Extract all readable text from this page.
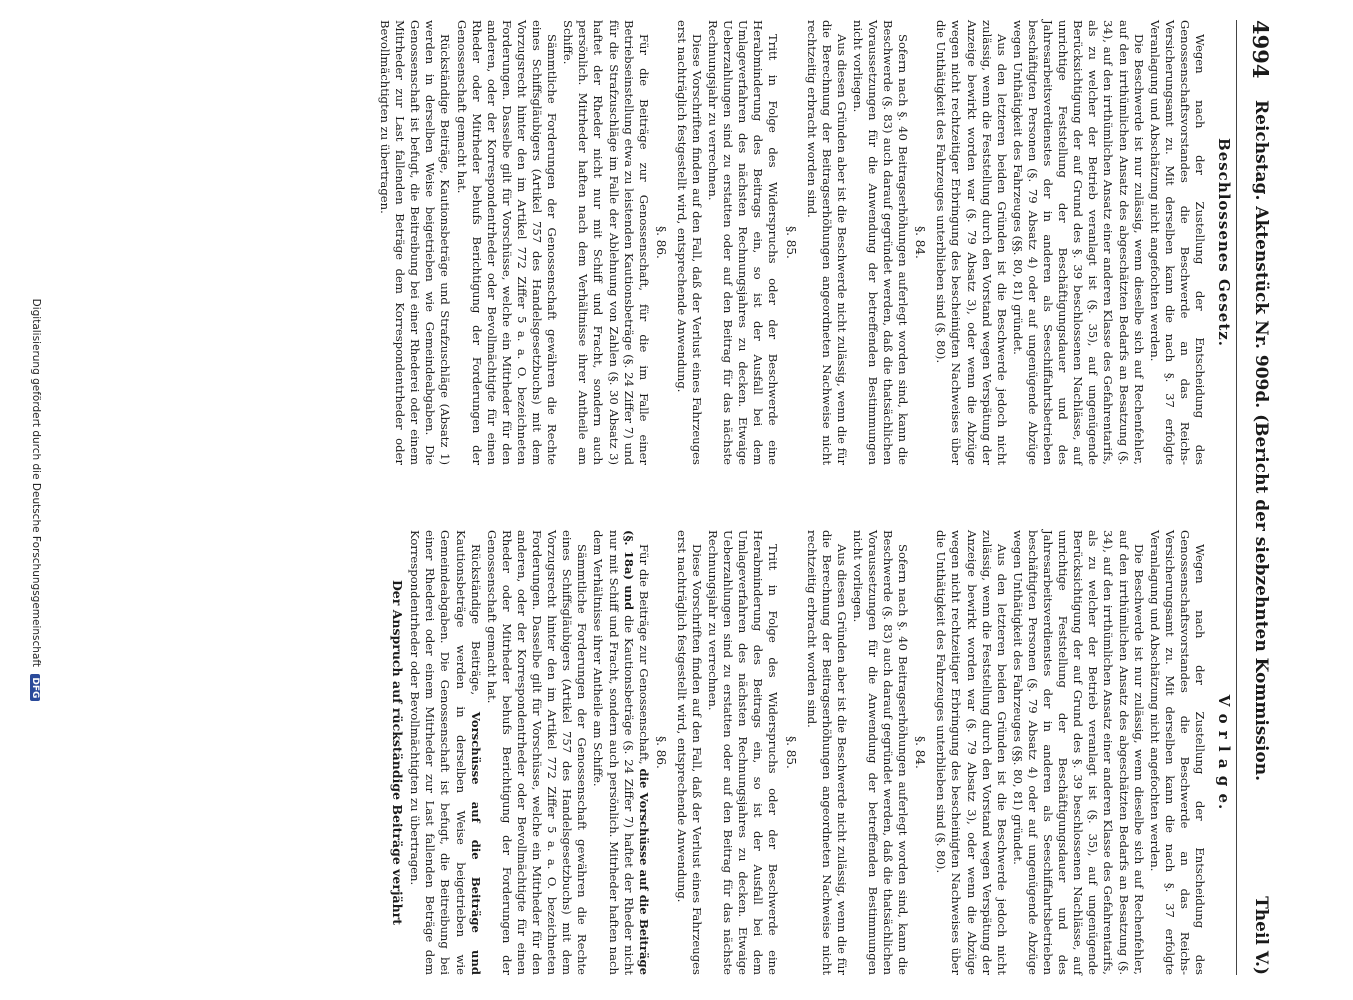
4994
Reichstag. Aktenstück Nr. 909d. (Bericht der siebzehnten Kommission.
Theil V.)
Beschlossenes Gesetz.
V o r l a g e.

Wegen nach der Zustellung der Entscheidung des Genossenschaftsvorstandes die Beschwerde an das Reichs-Versicherungsamt zu. Mit derselben kann die nach §. 37 erfolgte Veranlagung und Abschätzung nicht angefochten werden.

Die Beschwerde ist nur zulässig, wenn dieselbe sich auf Rechenfehler, auf den irrthümlichen Ansatz des abgeschätzten Bedarfs an Besatzung (§. 34), auf den irrthümlichen Ansatz einer anderen Klasse des Gefahrentarifs, als zu welcher der Betrieb veranlagt ist (§. 35), auf ungenügende Berücksichtigung der auf Grund des §. 39 beschlossenen Nachlässe, auf unrichtige Feststellung der Beschäftigungsdauer und des Jahresarbeitsverdienstes der in anderen als Seeschiffahrtsbetrieben beschäftigten Personen (§. 79 Absatz 4) oder auf ungenügende Abzüge wegen Unthätigkeit des Fahrzeuges (§§. 80, 81) gründet.

Aus den letzteren beiden Gründen ist die Beschwerde jedoch nicht zulässig, wenn die Feststellung durch den Vorstand wegen Verspätung der Anzeige bewirkt worden war (§. 79 Absatz 3), oder wenn die Abzüge wegen nicht rechtzeitiger Erbringung des bescheinigten Nachweises über die Unthätigkeit des Fahrzeuges unterblieben sind (§. 80).

§. 84.

Sofern nach §. 40 Beitragserhöhungen auferlegt worden sind, kann die Beschwerde (§. 83) auch darauf gegründet werden, daß die thatsächlichen Voraussetzungen für die Anwendung der betreffenden Bestimmungen nicht vorliegen.

Aus diesen Gründen aber ist die Beschwerde nicht zulässig, wenn die für die Berechnung der Beitragserhöhungen angeordneten Nachweise nicht rechtzeitig erbracht worden sind.

§. 85.

Tritt in Folge des Widerspruchs oder der Beschwerde eine Herabminderung des Beitrags ein, so ist der Ausfall bei dem Umlageverfahren des nächsten Rechnungsjahres zu decken. Etwaige Ueberzahlungen sind zu erstatten oder auf den Beitrag für das nächste Rechnungsjahr zu verrechnen.

Diese Vorschriften finden auf den Fall, daß der Verlust eines Fahrzeuges erst nachträglich festgestellt wird, entsprechende Anwendung.

§. 86.

Für die Beiträge zur Genossenschaft, für die im Falle einer Betriebseinstellung etwa zu leistenden Kautionsbeträge (§. 24 Ziffer 7) und für die Strafzuschläge im Falle der Ablehnung von Zahlen (§. 30 Absatz 3) haftet der Rheder nicht nur mit Schiff und Fracht, sondern auch persönlich. Mitrheder haften nach dem Verhältnisse ihrer Antheile am Schiffe.

Sämmtliche Forderungen der Genossenschaft gewähren die Rechte eines Schiffsgläubigers (Artikel 757 des Handelsgesetzbuchs) mit dem Vorzugsrecht hinter den im Artikel 772 Ziffer 5 a. a. O. bezeichneten Forderungen. Dasselbe gilt für Vorschüsse, welche ein Mitrheder für den anderen, oder der Korrespondentrheder oder Bevollmächtigte für einen Rheder oder Mitrheder behufs Berichtigung der Forderungen der Genossenschaft gemacht hat.

Rückständige Beiträge, Kautionsbeträge und Strafzuschläge (Absatz 1) werden in derselben Weise beigetrieben wie Gemeindeabgaben. Die Genossenschaft ist befugt, die Beitreibung bei einer Rhederei oder einem Mitrheder zur Last fallenden Beträge dem Korrespondentrheder oder Bevollmächtigten zu übertragen.

Wegen nach der Zustellung der Entscheidung des Genossenschaftsvorstandes die Beschwerde an das Reichs-Versicherungsamt zu. Mit derselben kann die nach §. 37 erfolgte Veranlagung und Abschätzung nicht angefochten werden.

Die Beschwerde ist nur zulässig, wenn dieselbe sich auf Rechenfehler, auf den irrthümlichen Ansatz des abgeschätzten Bedarfs an Besatzung (§. 34), auf den irrthümlichen Ansatz einer anderen Klasse des Gefahrentarifs, als zu welcher der Betrieb veranlagt ist (§. 35), auf ungenügende Berücksichtigung der auf Grund des §. 39 beschlossenen Nachlässe, auf unrichtige Feststellung der Beschäftigungsdauer und des Jahresarbeitsverdienstes der in anderen als Seeschiffahrtsbetrieben beschäftigten Personen (§. 79 Absatz 4) oder auf ungenügende Abzüge wegen Unthätigkeit des Fahrzeuges (§§. 80, 81) gründet.

Aus den letzteren beiden Gründen ist die Beschwerde jedoch nicht zulässig, wenn die Feststellung durch den Vorstand wegen Verspätung der Anzeige bewirkt worden war (§. 79 Absatz 3), oder wenn die Abzüge wegen nicht rechtzeitiger Erbringung des bescheinigten Nachweises über die Unthätigkeit des Fahrzeuges unterblieben sind (§. 80).

§. 84.

Sofern nach §. 40 Beitragserhöhungen auferlegt worden sind, kann die Beschwerde (§. 83) auch darauf gegründet werden, daß die thatsächlichen Voraussetzungen für die Anwendung der betreffenden Bestimmungen nicht vorliegen.

Aus diesen Gründen aber ist die Beschwerde nicht zulässig, wenn die für die Berechnung der Beitragserhöhungen angeordneten Nachweise nicht rechtzeitig erbracht worden sind.

§. 85.

Tritt in Folge des Widerspruchs oder der Beschwerde eine Herabminderung des Beitrags ein, so ist der Ausfall bei dem Umlageverfahren des nächsten Rechnungsjahres zu decken. Etwaige Ueberzahlungen sind zu erstatten oder auf den Beitrag für das nächste Rechnungsjahr zu verrechnen.

Diese Vorschriften finden auf den Fall, daß der Verlust eines Fahrzeuges erst nachträglich festgestellt wird, entsprechende Anwendung.

§. 86.

Für die Beiträge zur Genossenschaft, die Vorschüsse auf die Beiträge (§. 18a) und die Kautionsbeträge (§. 24 Ziffer 7) haftet der Rheder nicht nur mit Schiff und Fracht, sondern auch persönlich. Mitrheder haften nach dem Verhältnisse ihrer Antheile am Schiffe.

Sämmtliche Forderungen der Genossenschaft gewähren die Rechte eines Schiffsgläubigers (Artikel 757 des Handelsgesetzbuchs) mit dem Vorzugsrecht hinter den im Artikel 772 Ziffer 5 a. a. O. bezeichneten Forderungen. Dasselbe gilt für Vorschüsse, welche ein Mitrheder für den anderen, oder der Korrespondentrheder oder Bevollmächtigte für einen Rheder oder Mitrheder behufs Berichtigung der Forderungen der Genossenschaft gemacht hat.

Rückständige Beiträge, Vorschüsse auf die Beiträge und Kautionsbeträge werden in derselben Weise beigetrieben wie Gemeindeabgaben. Die Genossenschaft ist befugt, die Beitreibung bei einer Rhederei oder einem Mitrheder zur Last fallenden Beträge dem Korrespondentrheder oder Bevollmächtigten zu übertragen.

Der Anspruch auf rückständige Beiträge verjährt

Digitalisierung gefördert durch die Deutsche Forschungsgemeinschaft DFG
